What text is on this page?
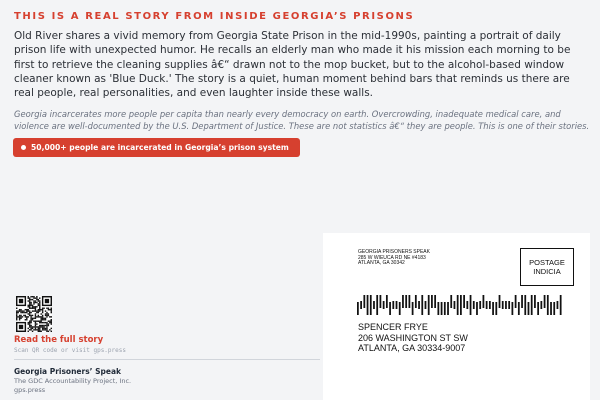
THIS IS A REAL STORY FROM INSIDE GEORGIA’S PRISONS

Old River shares a vivid memory from Georgia State Prison in the mid-1990s, painting a portrait of daily prison life with unexpected humor. He recalls an elderly man who made it his mission each morning to be first to retrieve the cleaning supplies â€“ drawn not to the mop bucket, but to the alcohol-based window cleaner known as 'Blue Duck.' The story is a quiet, human moment behind bars that reminds us there are real people, real personalities, and even laughter inside these walls.

Georgia incarcerates more people per capita than nearly every democracy on earth. Overcrowding, inadequate medical care, and violence are well-documented by the U.S. Department of Justice. These are not statistics â€“ they are people. This is one of their stories.

50,000+ people are incarcerated in Georgia’s prison system
Read the full story
Scan QR code or visit gps.press
Georgia Prisoners’ Speak
The GDC Accountability Project, Inc.
gps.press
GEORGIA PRISONERS SPEAK
285 W WIEUCA RD NE #4183
ATLANTA, GA 30342	POSTAGE
INDICIA
SPENCER FRYE
206 WASHINGTON ST SW
ATLANTA, GA 30334-9007
